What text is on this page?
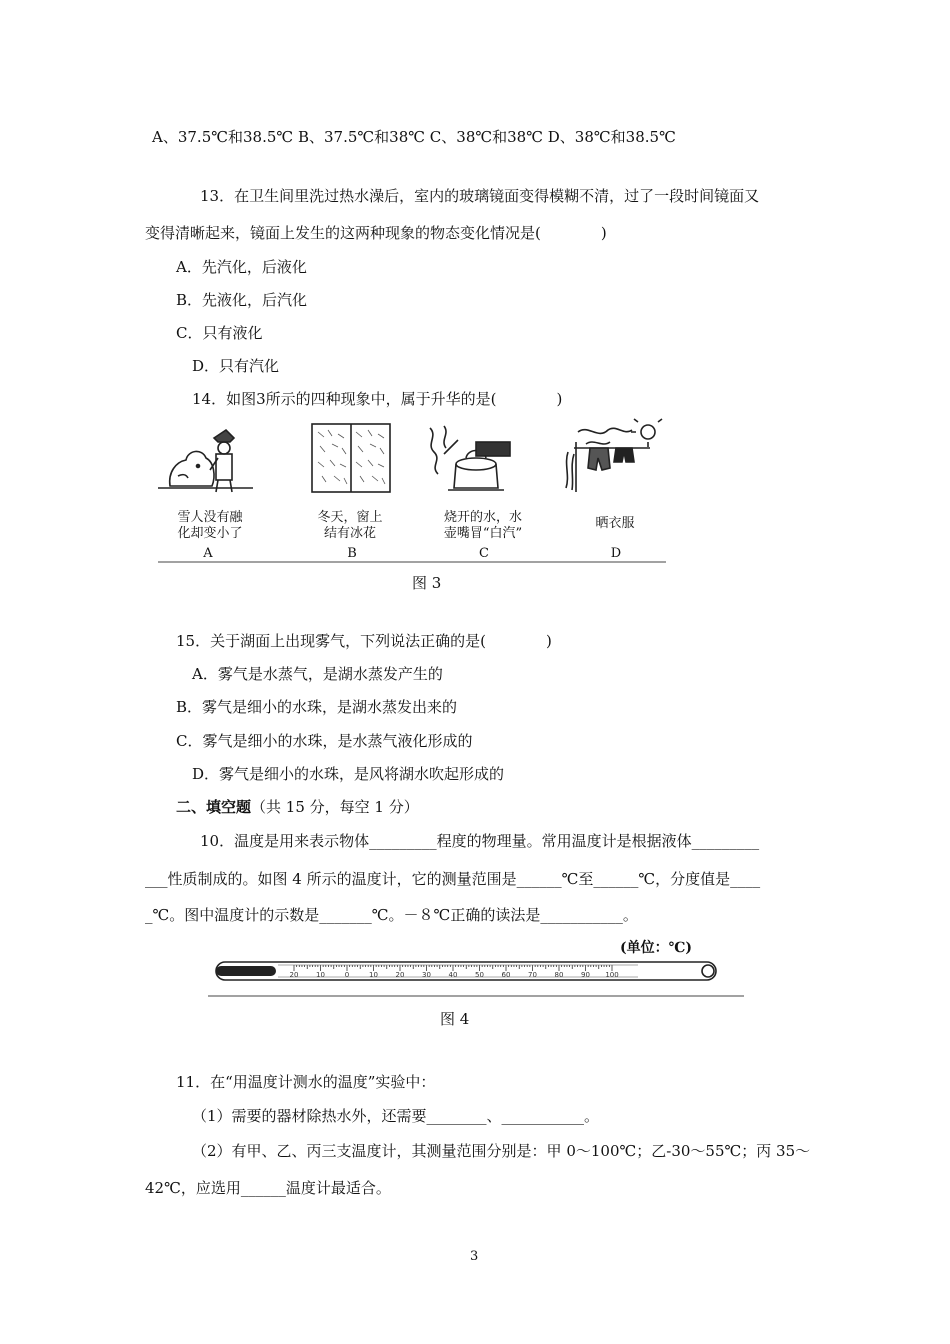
A、37.5℃和38.5℃ B、37.5℃和38℃ C、38℃和38℃ D、38℃和38.5℃
13．在卫生间里洗过热水澡后，室内的玻璃镜面变得模糊不清，过了一段时间镜面又
变得清晰起来，镜面上发生的这两种现象的物态变化情况是(　　　　)
A．先汽化，后液化
B．先液化，后汽化
C．只有液化
D．只有汽化
14．如图3所示的四种现象中，属于升华的是(　　　　)
雪人没有融
化却变小了
A
冬天，窗上
结有冰花
B
烧开的水，水
壶嘴冒“白汽”
C
晒衣服
D
图 3
15．关于湖面上出现雾气，下列说法正确的是(　　　　)
A．雾气是水蒸气，是湖水蒸发产生的
B．雾气是细小的水珠，是湖水蒸发出来的
C．雾气是细小的水珠，是水蒸气液化形成的
D．雾气是细小的水珠，是风将湖水吹起形成的
二、填空题（共 15 分，每空 1 分）
10．温度是用来表示物体_________程度的物理量。常用温度计是根据液体_________
___性质制成的。如图 4 所示的温度计，它的测量范围是______℃至______℃，分度值是____
_℃。图中温度计的示数是_______℃。－８℃正确的读法是___________。
(单位：℃)
20	10	0	10	20	30	40	50	60	70	80	90 100
图 4
11．在“用温度计测水的温度”实验中：
（1）需要的器材除热水外，还需要________、___________。
（2）有甲、乙、丙三支温度计，其测量范围分别是：甲 0～100℃；乙-30～55℃；丙 35～
42℃，应选用______温度计最适合。
3
